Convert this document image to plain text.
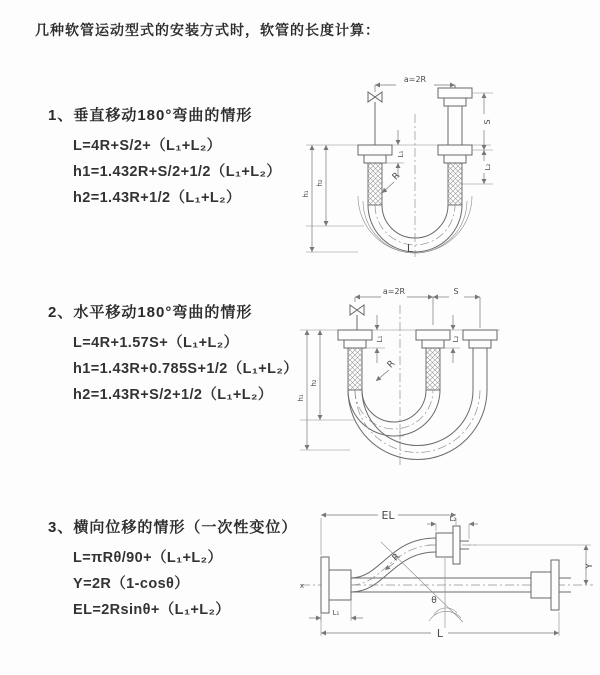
几种软管运动型式的安装方式时，软管的长度计算：
1、垂直移动180°弯曲的情形
L=4R+S/2+（L₁+L₂）
h1=1.432R+S/2+1/2（L₁+L₂）
h2=1.43R+1/2（L₁+L₂）
2、水平移动180°弯曲的情形
L=4R+1.57S+（L₁+L₂）
h1=1.43R+0.785S+1/2（L₁+L₂）
h2=1.43R+S/2+1/2（L₁+L₂）
3、横向位移的情形（一次性变位）
L=πRθ/90+（L₁+L₂）
Y=2R（1-cosθ）
EL=2Rsinθ+（L₁+L₂）
a=2R
S
L₂
L₁
h₁
h₂
R
L
a=2R	S
L₁	L₂
h₁
h₂
R
θ
EL	L₂
Y
L
L₁
R
x
